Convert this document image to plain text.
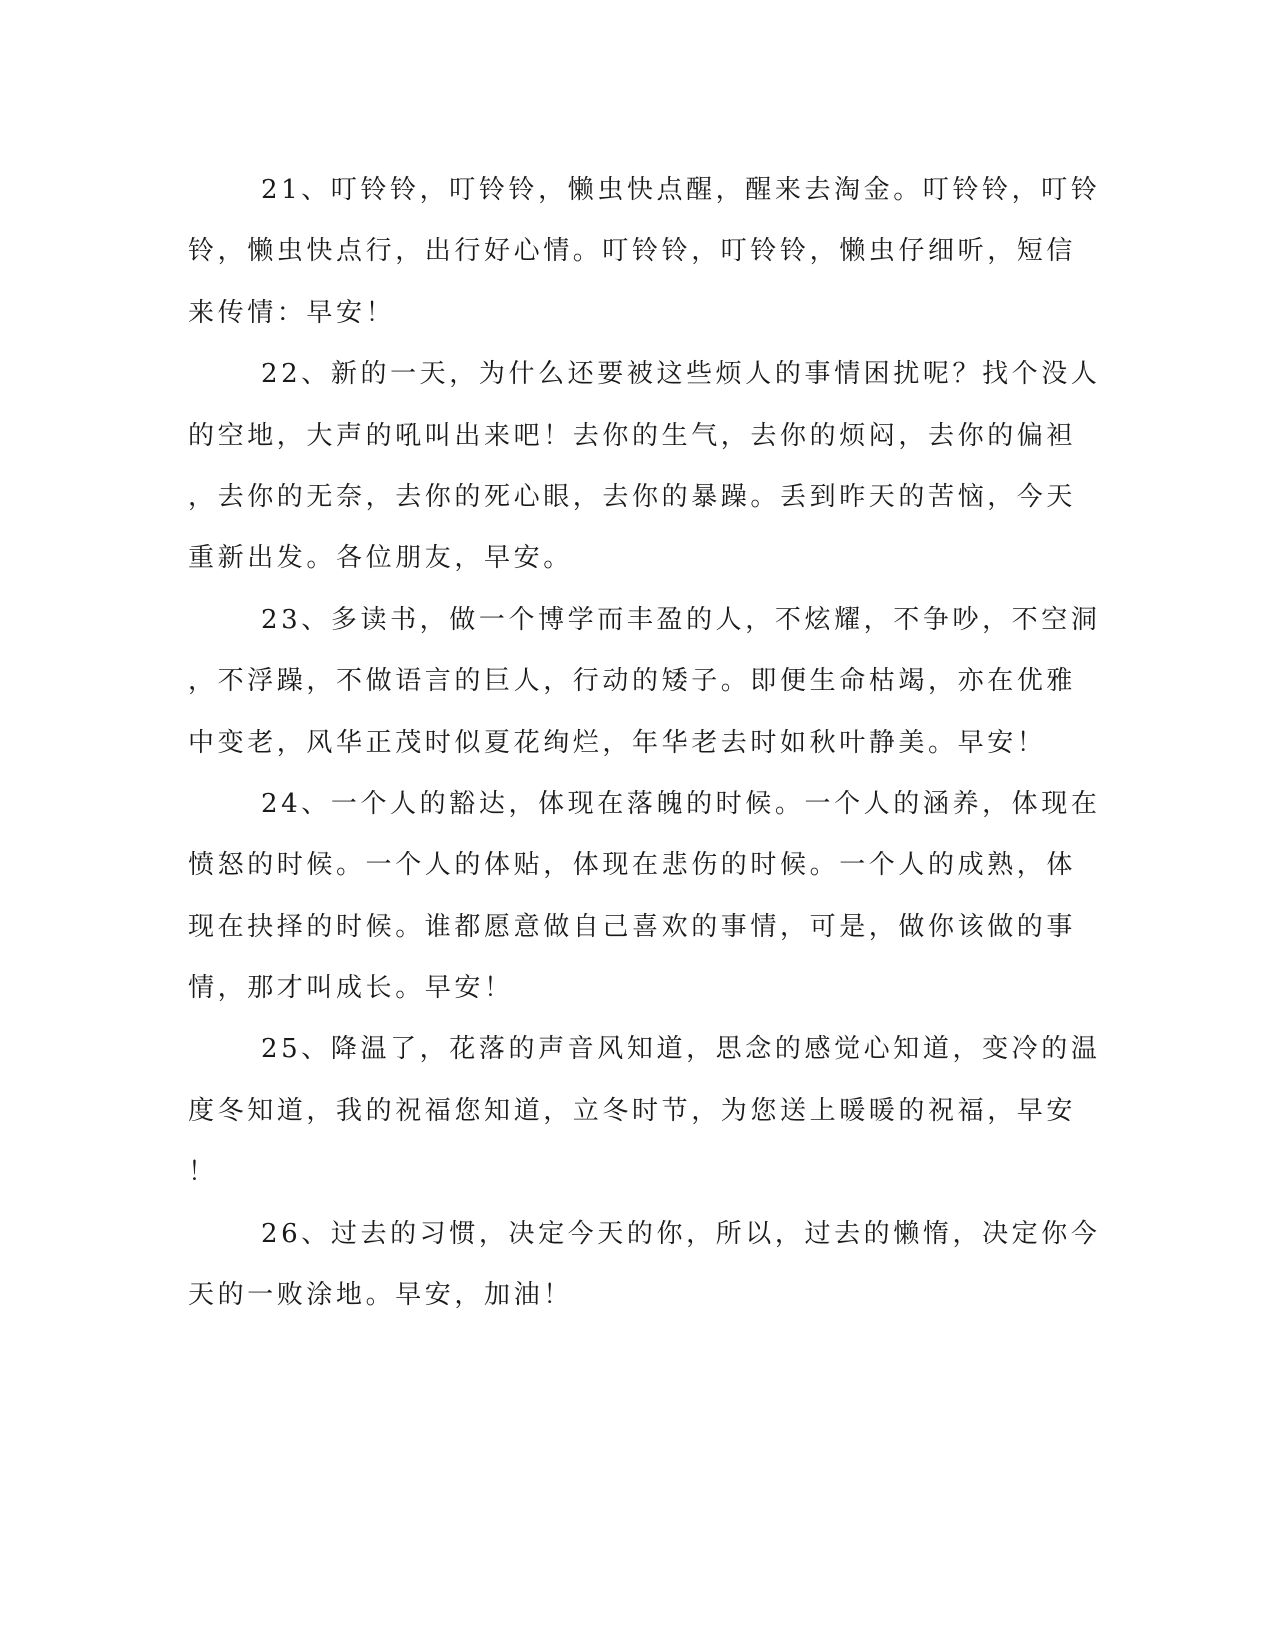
21、叮铃铃，叮铃铃，懒虫快点醒，醒来去淘金。叮铃铃，叮铃
铃，懒虫快点行，出行好心情。叮铃铃，叮铃铃，懒虫仔细听，短信
来传情：早安！
22、新的一天，为什么还要被这些烦人的事情困扰呢？找个没人
的空地，大声的吼叫出来吧！去你的生气，去你的烦闷，去你的偏袒
，去你的无奈，去你的死心眼，去你的暴躁。丢到昨天的苦恼，今天
重新出发。各位朋友，早安。
23、多读书，做一个博学而丰盈的人，不炫耀，不争吵，不空洞
，不浮躁，不做语言的巨人，行动的矮子。即便生命枯竭，亦在优雅
中变老，风华正茂时似夏花绚烂，年华老去时如秋叶静美。早安！
24、一个人的豁达，体现在落魄的时候。一个人的涵养，体现在
愤怒的时候。一个人的体贴，体现在悲伤的时候。一个人的成熟，体
现在抉择的时候。谁都愿意做自己喜欢的事情，可是，做你该做的事
情，那才叫成长。早安！
25、降温了，花落的声音风知道，思念的感觉心知道，变冷的温
度冬知道，我的祝福您知道，立冬时节，为您送上暖暖的祝福，早安
！
26、过去的习惯，决定今天的你，所以，过去的懒惰，决定你今
天的一败涂地。早安，加油！
